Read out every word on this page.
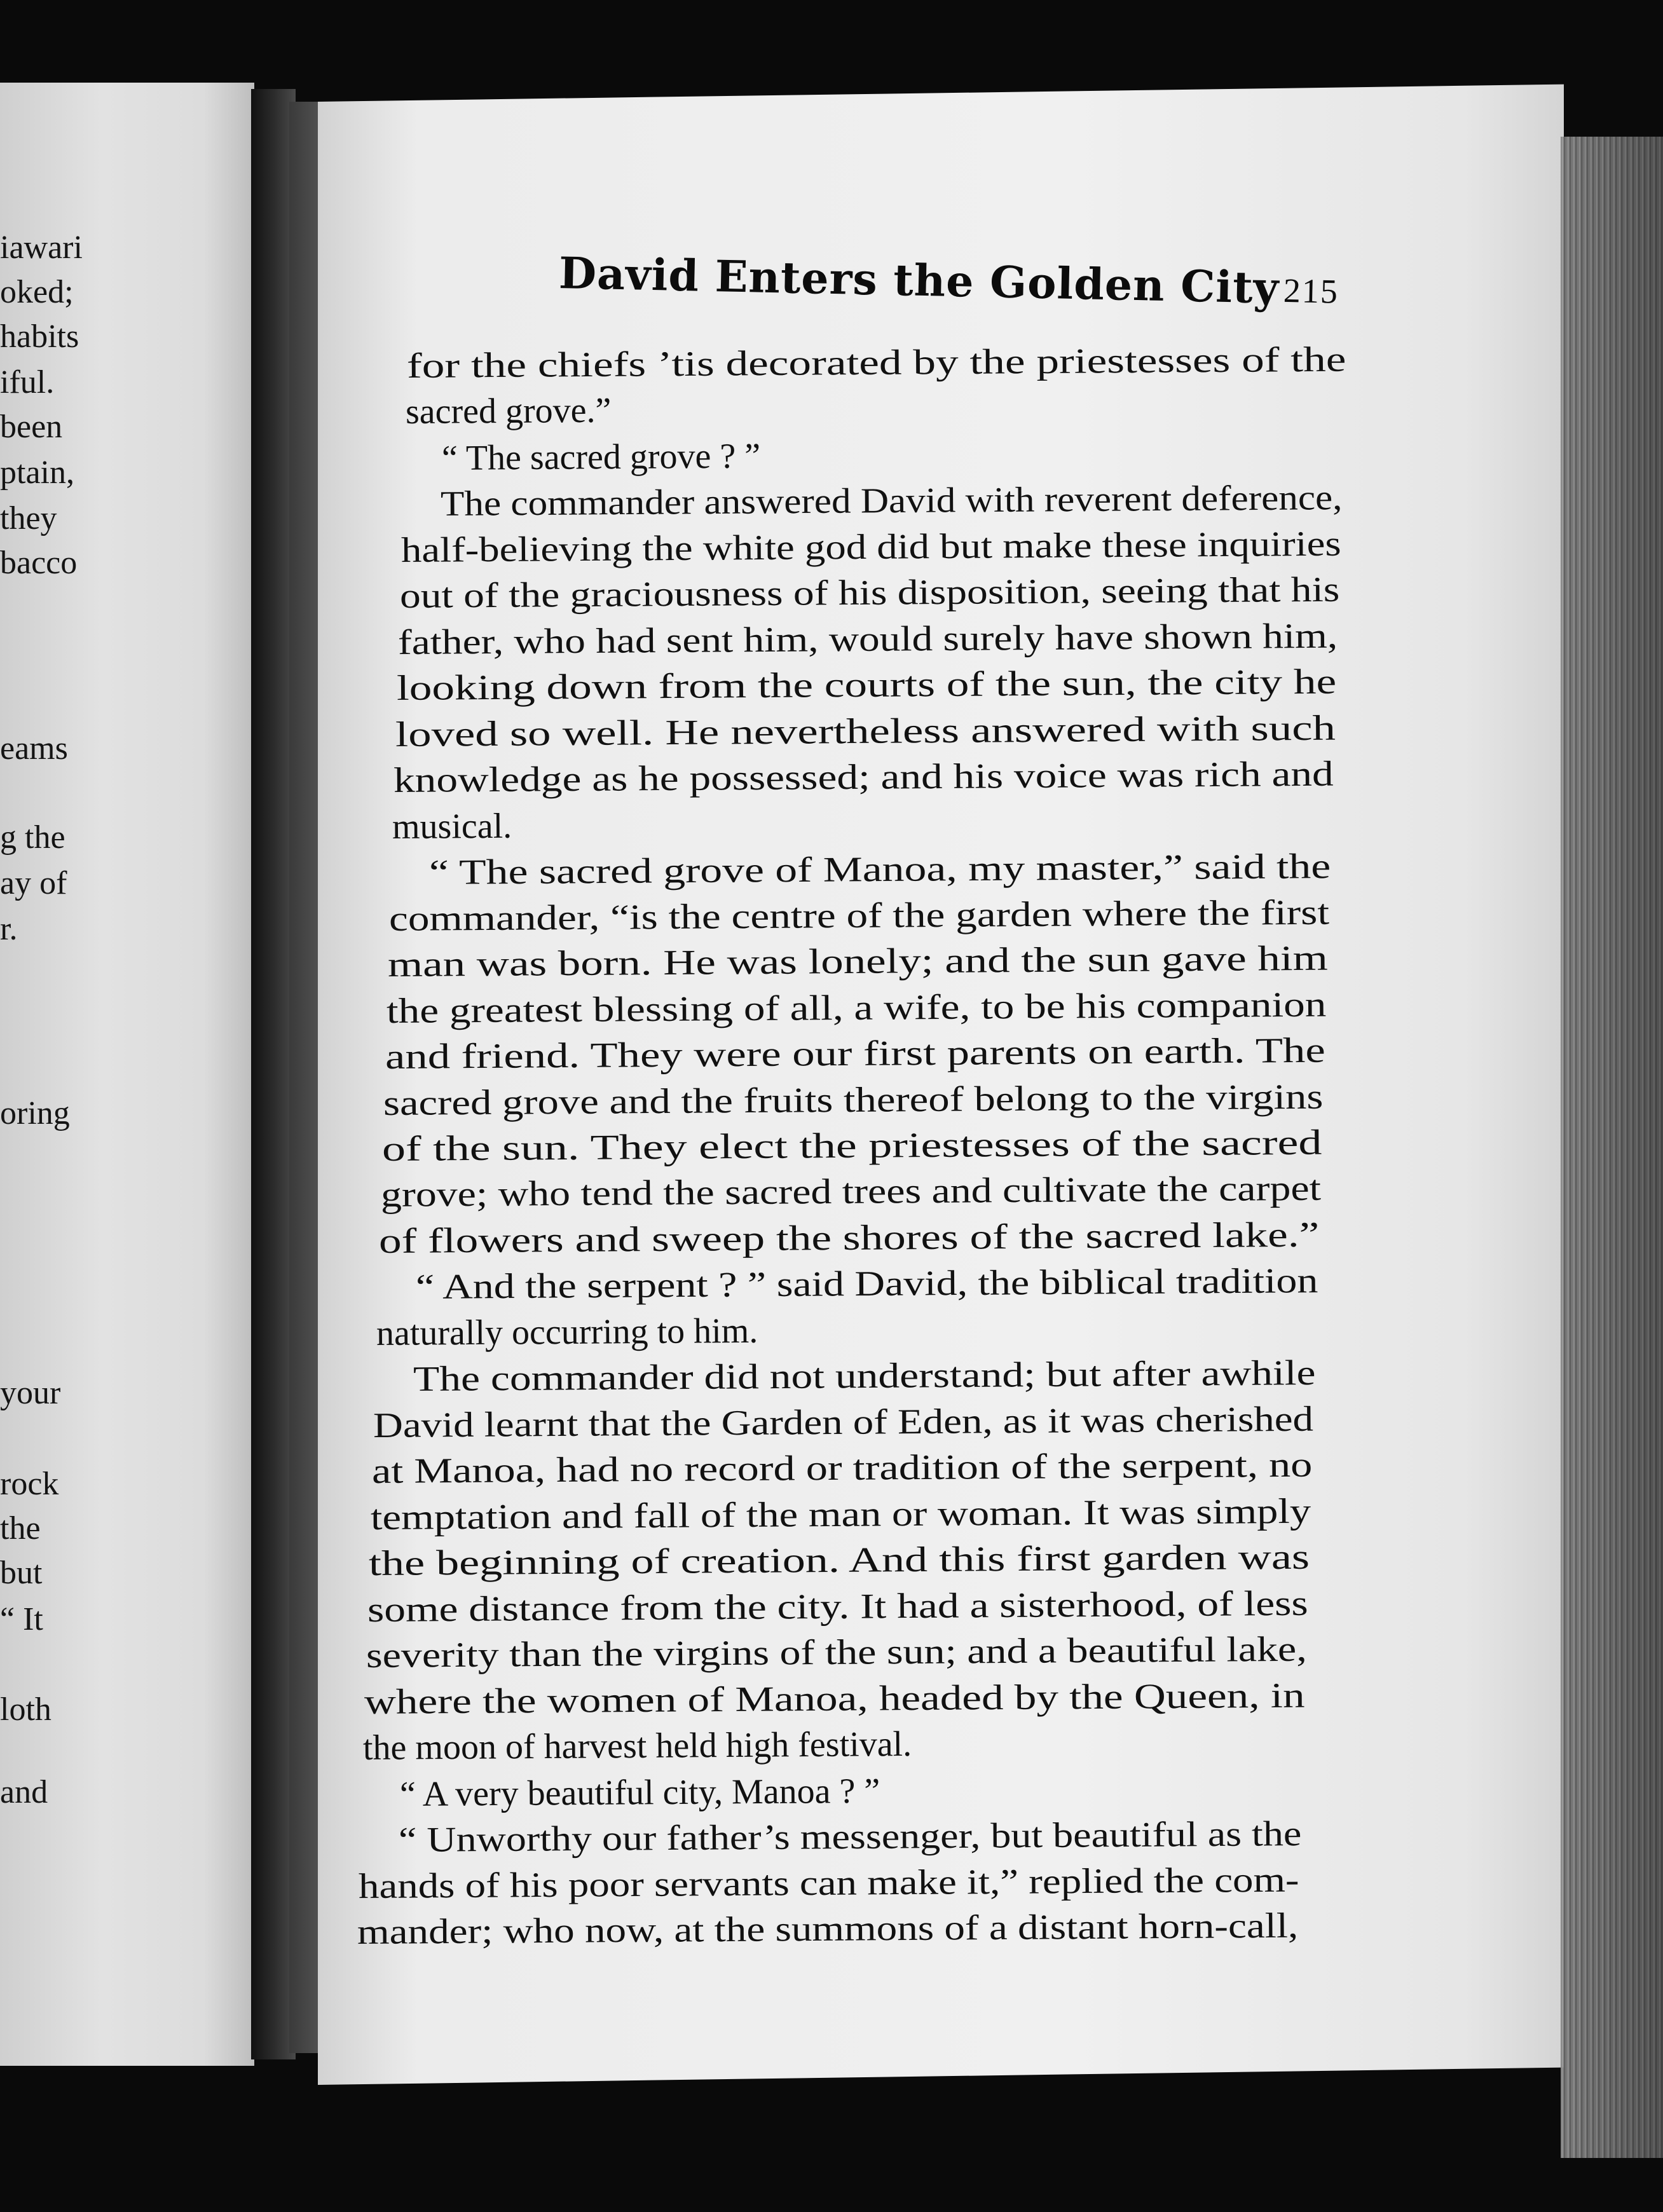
iawari
oked;
habits
iful.
been
ptain,
they
bacco
eams
g the
ay of
r.
oring
your
rock
the
but
“ It
loth
and
David Enters the Golden City 215
for the chiefs ’tis decorated by the priestesses of the
sacred grove.”
“ The sacred grove ? ”
The commander answered David with reverent deference,
half-believing the white god did but make these inquiries
out of the graciousness of his disposition, seeing that his
father, who had sent him, would surely have shown him,
looking down from the courts of the sun, the city he
loved so well. He nevertheless answered with such
knowledge as he possessed; and his voice was rich and
musical.
“ The sacred grove of Manoa, my master,” said the
commander, “is the centre of the garden where the first
man was born. He was lonely; and the sun gave him
the greatest blessing of all, a wife, to be his companion
and friend. They were our first parents on earth. The
sacred grove and the fruits thereof belong to the virgins
of the sun. They elect the priestesses of the sacred
grove; who tend the sacred trees and cultivate the carpet
of flowers and sweep the shores of the sacred lake.”
“ And the serpent ? ” said David, the biblical tradition
naturally occurring to him.
The commander did not understand; but after awhile
David learnt that the Garden of Eden, as it was cherished
at Manoa, had no record or tradition of the serpent, no
temptation and fall of the man or woman. It was simply
the beginning of creation. And this first garden was
some distance from the city. It had a sisterhood, of less
severity than the virgins of the sun; and a beautiful lake,
where the women of Manoa, headed by the Queen, in
the moon of harvest held high festival.
“ A very beautiful city, Manoa ? ”
“ Unworthy our father’s messenger, but beautiful as the
hands of his poor servants can make it,” replied the com-
mander; who now, at the summons of a distant horn-call,
